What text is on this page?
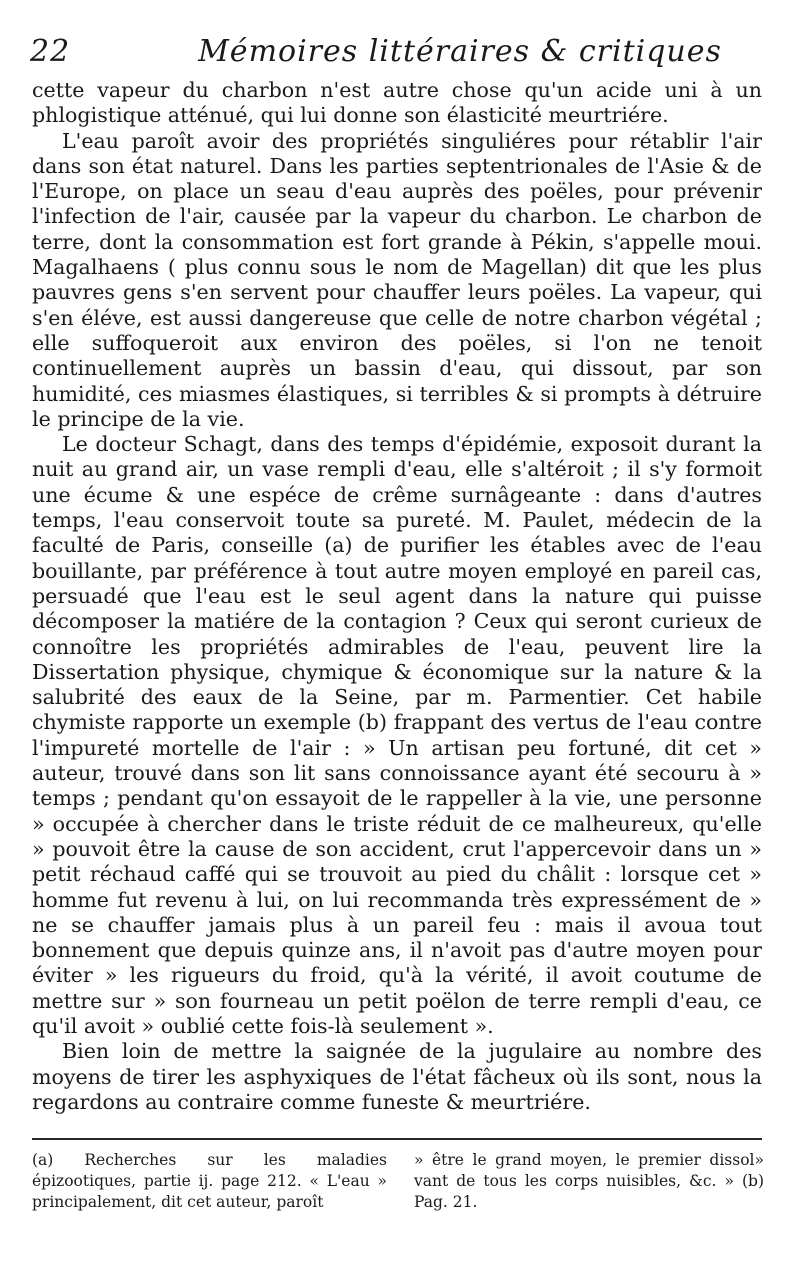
22	Mémoires littéraires & critiques

cette vapeur du charbon n'est autre chose qu'un acide uni à un phlogistique atténué, qui lui donne son élasticité meurtriére.

L'eau paroît avoir des propriétés singuliéres pour rétablir l'air dans son état naturel. Dans les parties septentrionales de l'Asie & de l'Europe, on place un seau d'eau auprès des poëles, pour prévenir l'infection de l'air, causée par la vapeur du charbon. Le charbon de terre, dont la consommation est fort grande à Pékin, s'appelle moui. Magalhaens ( plus connu sous le nom de Magellan) dit que les plus pauvres gens s'en servent pour chauffer leurs poëles. La vapeur, qui s'en éléve, est aussi dangereuse que celle de notre charbon végétal ; elle suffoqueroit aux environ des poëles, si l'on ne tenoit continuellement auprès un bassin d'eau, qui dissout, par son humidité, ces miasmes élastiques, si terribles & si prompts à détruire le principe de la vie.

Le docteur Schagt, dans des temps d'épidémie, exposoit durant la nuit au grand air, un vase rempli d'eau, elle s'altéroit ; il s'y formoit une écume & une espéce de crême surnâgeante : dans d'autres temps, l'eau conservoit toute sa pureté. M. Paulet, médecin de la faculté de Paris, conseille (a) de purifier les étables avec de l'eau bouillante, par préférence à tout autre moyen employé en pareil cas, persuadé que l'eau est le seul agent dans la nature qui puisse décomposer la matiére de la contagion ? Ceux qui seront curieux de connoître les propriétés admirables de l'eau, peuvent lire la Dissertation physique, chymique & économique sur la nature & la salubrité des eaux de la Seine, par m. Parmentier. Cet habile chymiste rapporte un exemple (b) frappant des vertus de l'eau contre l'impureté mortelle de l'air : » Un artisan peu fortuné, dit cet » auteur, trouvé dans son lit sans connoissance ayant été secouru à » temps ; pendant qu'on essayoit de le rappeller à la vie, une personne » occupée à chercher dans le triste réduit de ce malheureux, qu'elle » pouvoit être la cause de son accident, crut l'appercevoir dans un » petit réchaud caffé qui se trouvoit au pied du châlit : lorsque cet » homme fut revenu à lui, on lui recommanda très expressément de » ne se chauffer jamais plus à un pareil feu : mais il avoua tout bonnement que depuis quinze ans, il n'avoit pas d'autre moyen pour éviter » les rigueurs du froid, qu'à la vérité, il avoit coutume de mettre sur » son fourneau un petit poëlon de terre rempli d'eau, ce qu'il avoit » oublié cette fois-là seulement ».

Bien loin de mettre la saignée de la jugulaire au nombre des moyens de tirer les asphyxiques de l'état fâcheux où ils sont, nous la regardons au contraire comme funeste & meurtriére.

(a) Recherches sur les maladies épizootiques, partie ij. page 212. « L'eau » principalement, dit cet auteur, paroît

» être le grand moyen, le premier dissol» vant de tous les corps nuisibles, &c. » (b) Pag. 21.
